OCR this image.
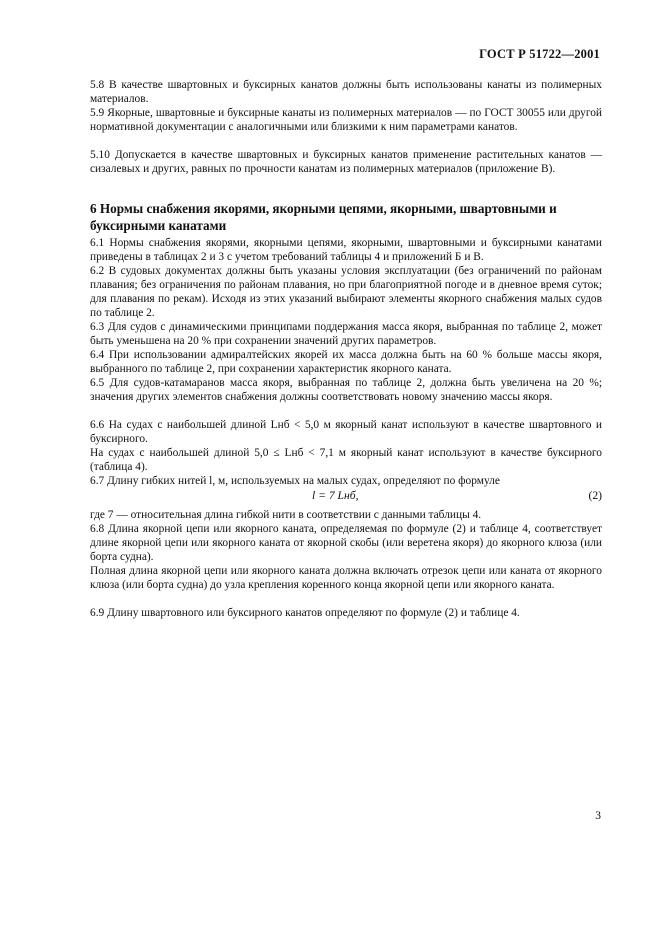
ГОСТ Р 51722—2001

5.8 В качестве швартовных и буксирных канатов должны быть использованы канаты из полимерных материалов.

5.9 Якорные, швартовные и буксирные канаты из полимерных материалов — по ГОСТ 30055 или другой нормативной документации с аналогичными или близкими к ним параметрами канатов.

5.10 Допускается в качестве швартовных и буксирных канатов применение растительных канатов — сизалевых и других, равных по прочности канатам из полимерных материалов (приложение В).

6 Нормы снабжения якорями, якорными цепями, якорными, швартовными и буксирными канатами

6.1 Нормы снабжения якорями, якорными цепями, якорными, швартовными и буксирными канатами приведены в таблицах 2 и 3 с учетом требований таблицы 4 и приложений Б и В.

6.2 В судовых документах должны быть указаны условия эксплуатации (без ограничений по районам плавания; без ограничения по районам плавания, но при благоприятной погоде и в дневное время суток; для плавания по рекам). Исходя из этих указаний выбирают элементы якорного снабжения малых судов по таблице 2.

6.3 Для судов с динамическими принципами поддержания масса якоря, выбранная по таблице 2, может быть уменьшена на 20 % при сохранении значений других параметров.

6.4 При использовании адмиралтейских якорей их масса должна быть на 60 % больше массы якоря, выбранного по таблице 2, при сохранении характеристик якорного каната.

6.5 Для судов-катамаранов масса якоря, выбранная по таблице 2, должна быть увеличена на 20 %; значения других элементов снабжения должны соответствовать новому значению массы якоря.

6.6 На судах с наибольшей длиной Lнб < 5,0 м якорный канат используют в качестве швартовного и буксирного.

На судах с наибольшей длиной 5,0 ≤ Lнб < 7,1 м якорный канат используют в качестве буксирного (таблица 4).

6.7 Длину гибких нитей l, м, используемых на малых судах, определяют по формуле

l = 7 Lнб,	(2)

где 7 — относительная длина гибкой нити в соответствии с данными таблицы 4.

6.8 Длина якорной цепи или якорного каната, определяемая по формуле (2) и таблице 4, соответствует длине якорной цепи или якорного каната от якорной скобы (или веретена якоря) до якорного клюза (или борта судна).

Полная длина якорной цепи или якорного каната должна включать отрезок цепи или каната от якорного клюза (или борта судна) до узла крепления коренного конца якорной цепи или якорного каната.

6.9 Длину швартовного или буксирного канатов определяют по формуле (2) и таблице 4.

3
